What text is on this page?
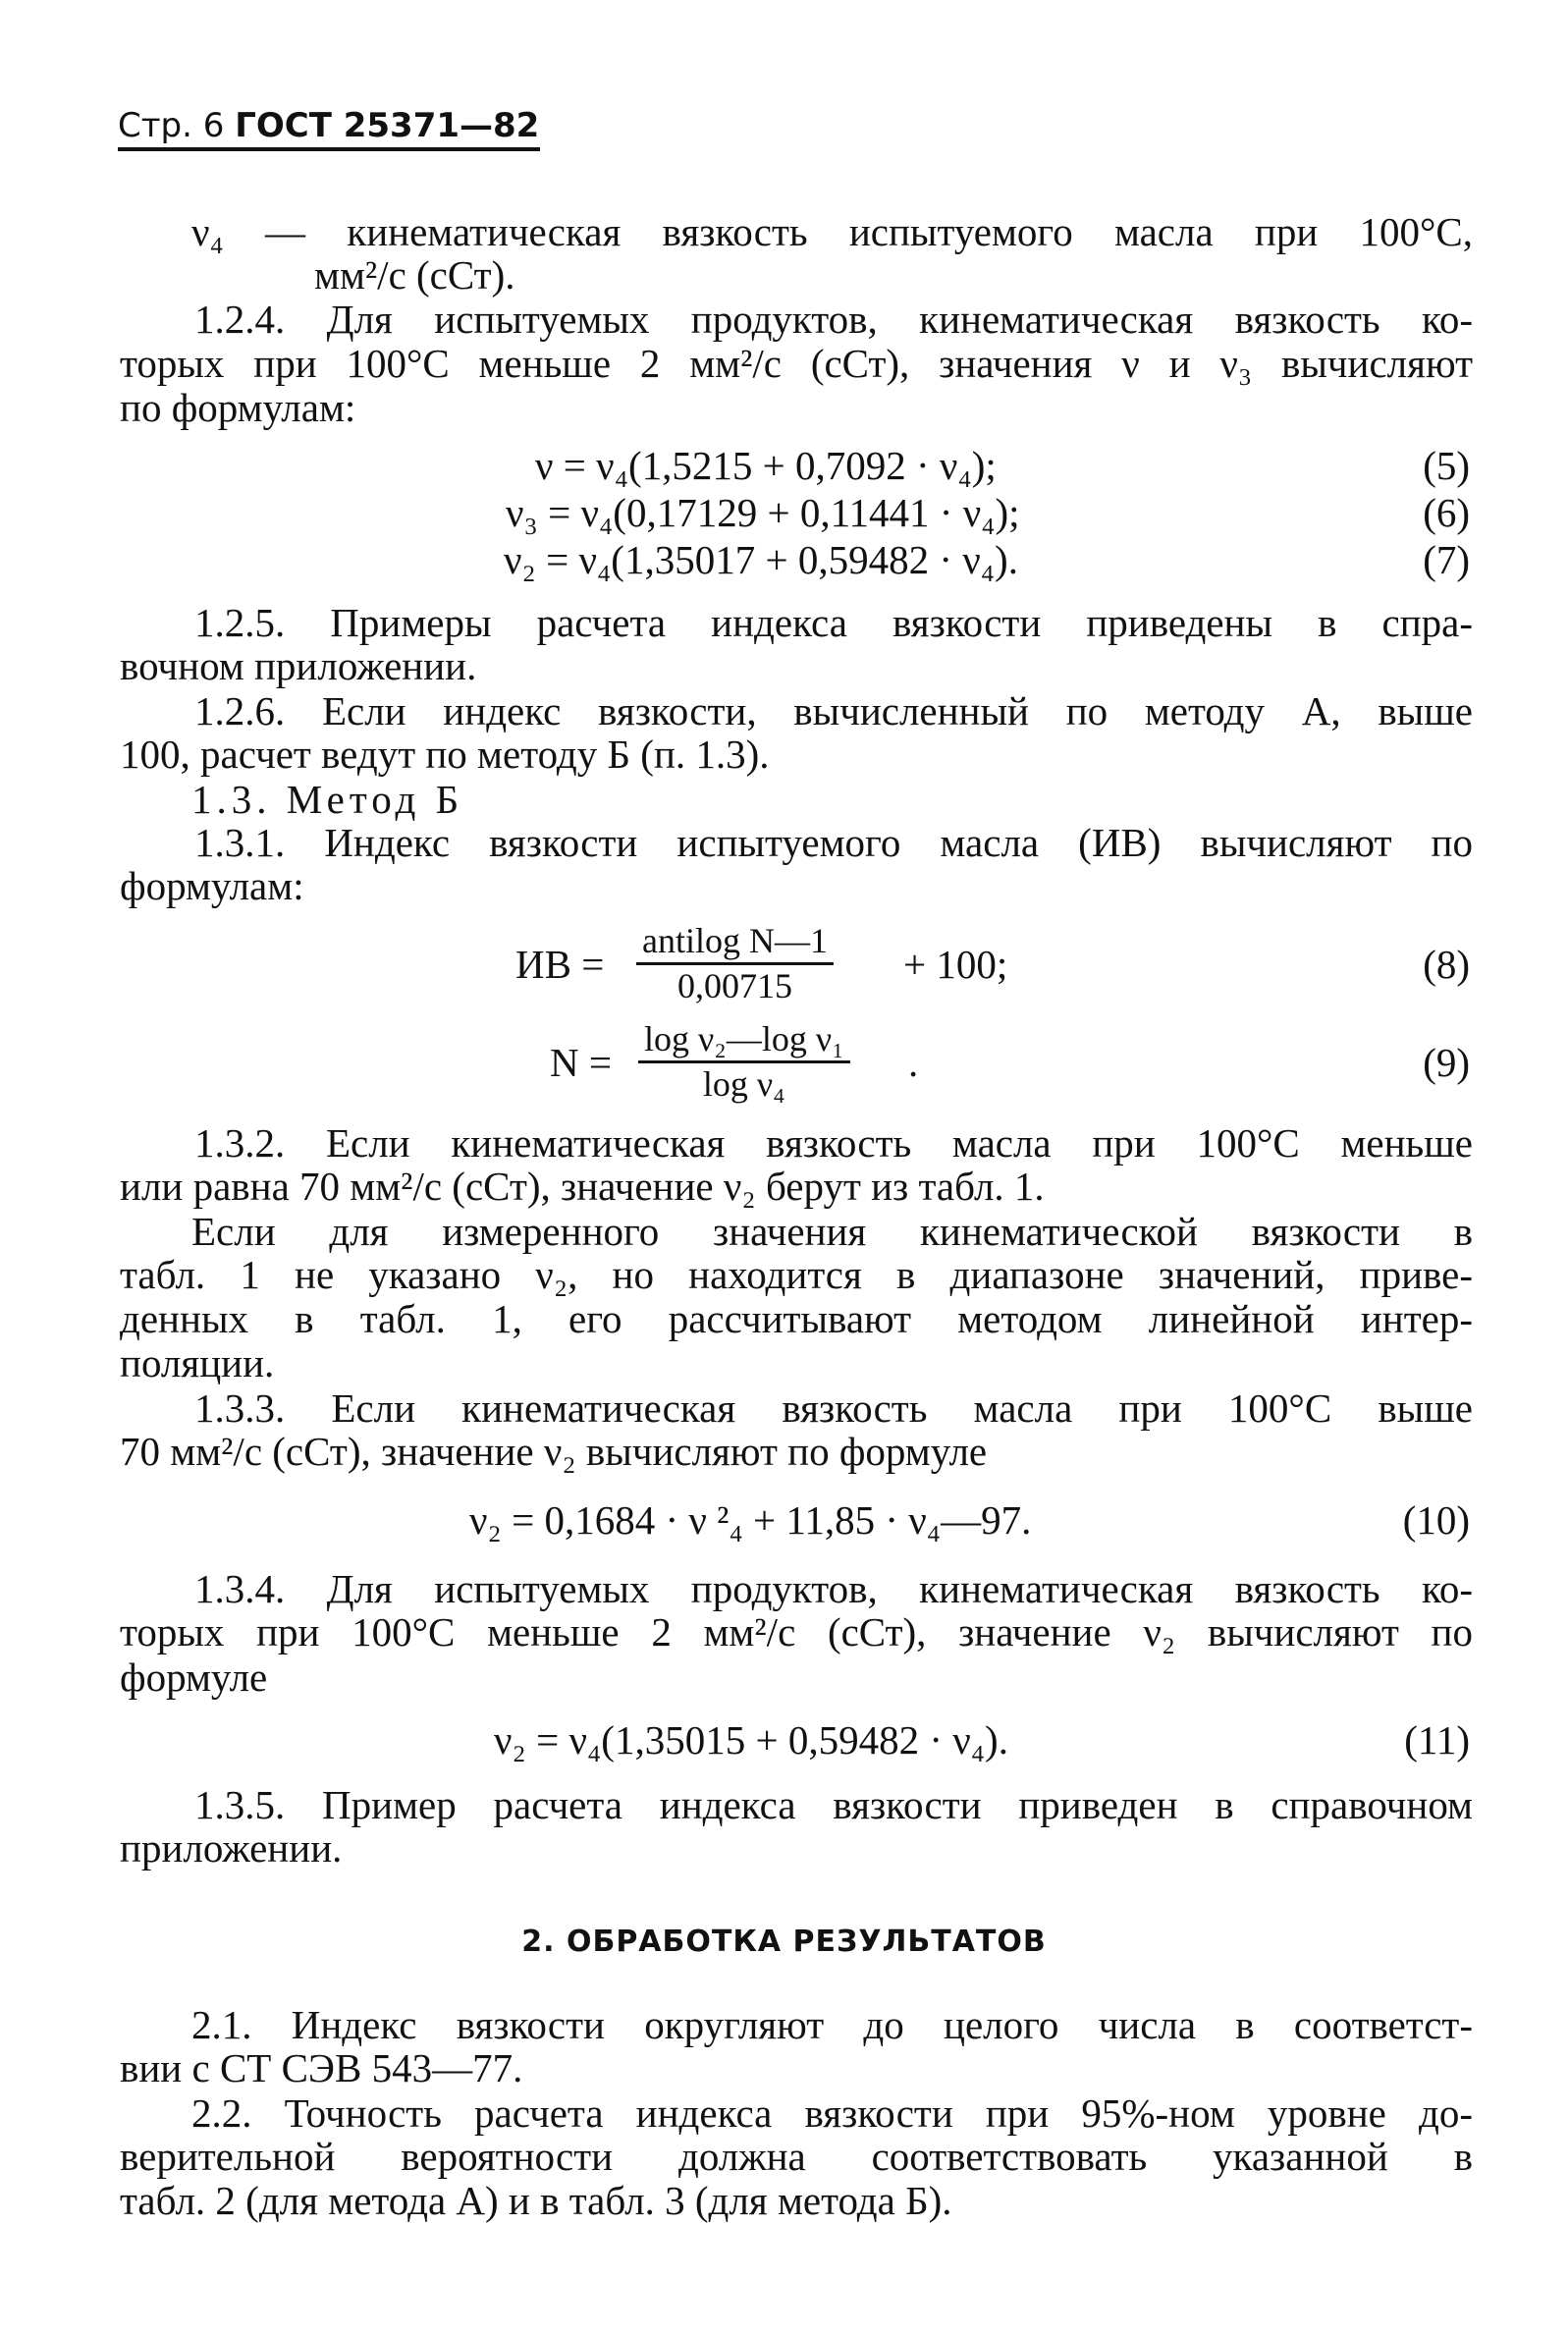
Стр. 6 ГОСТ 25371—82
ν₄ — кинематическая вязкость испытуемого масла при 100°С,
мм²/с (сСт).
1.2.4. Для испытуемых продуктов, кинематическая вязкость ко-
торых при 100°С меньше 2 мм²/с (сСт), значения ν и ν₃ вычисляют
по формулам:
ν = ν₄(1,5215 + 0,7092 · ν₄);	(5)
ν₃ = ν₄(0,17129 + 0,11441 · ν₄);	(6)
ν₂ = ν₄(1,35017 + 0,59482 · ν₄).	(7)
1.2.5. Примеры расчета индекса вязкости приведены в спра-
вочном приложении.
1.2.6. Если индекс вязкости, вычисленный по методу А, выше
100, расчет ведут по методу Б (п. 1.3).
1.3. Метод Б
1.3.1. Индекс вязкости испытуемого масла (ИВ) вычисляют по
формулам:
ИВ =
antilog N—1
0,00715	+ 100;	(8)
$N = \frac{\text{log ν₂—log ν₁}}{\text{log ν₄}}$ .	(9)
1.3.2. Если кинематическая вязкость масла при 100°С меньше
или равна 70 мм²/с (сСт), значение ν₂ берут из табл. 1.
Если для измеренного значения кинематической вязкости в
табл. 1 не указано ν₂, но находится в диапазоне значений, приве-
денных в табл. 1, его рассчитывают методом линейной интер-
поляции.
1.3.3. Если кинематическая вязкость масла при 100°С выше
70 мм²/с (сСт), значение ν₂ вычисляют по формуле
ν₂ = 0,1684 · ν ²₄ + 11,85 · ν₄—97.	(10)
1.3.4. Для испытуемых продуктов, кинематическая вязкость ко-
торых при 100°С меньше 2 мм²/с (сСт), значение ν₂ вычисляют по
формуле
ν₂ = ν₄(1,35015 + 0,59482 · ν₄).	(11)
1.3.5. Пример расчета индекса вязкости приведен в справочном
приложении.
2. ОБРАБОТКА РЕЗУЛЬТАТОВ
2.1. Индекс вязкости округляют до целого числа в соответст-
вии с СТ СЭВ 543—77.
2.2. Точность расчета индекса вязкости при 95%-ном уровне до-
верительной вероятности должна соответствовать указанной в
табл. 2 (для метода А) и в табл. 3 (для метода Б).
